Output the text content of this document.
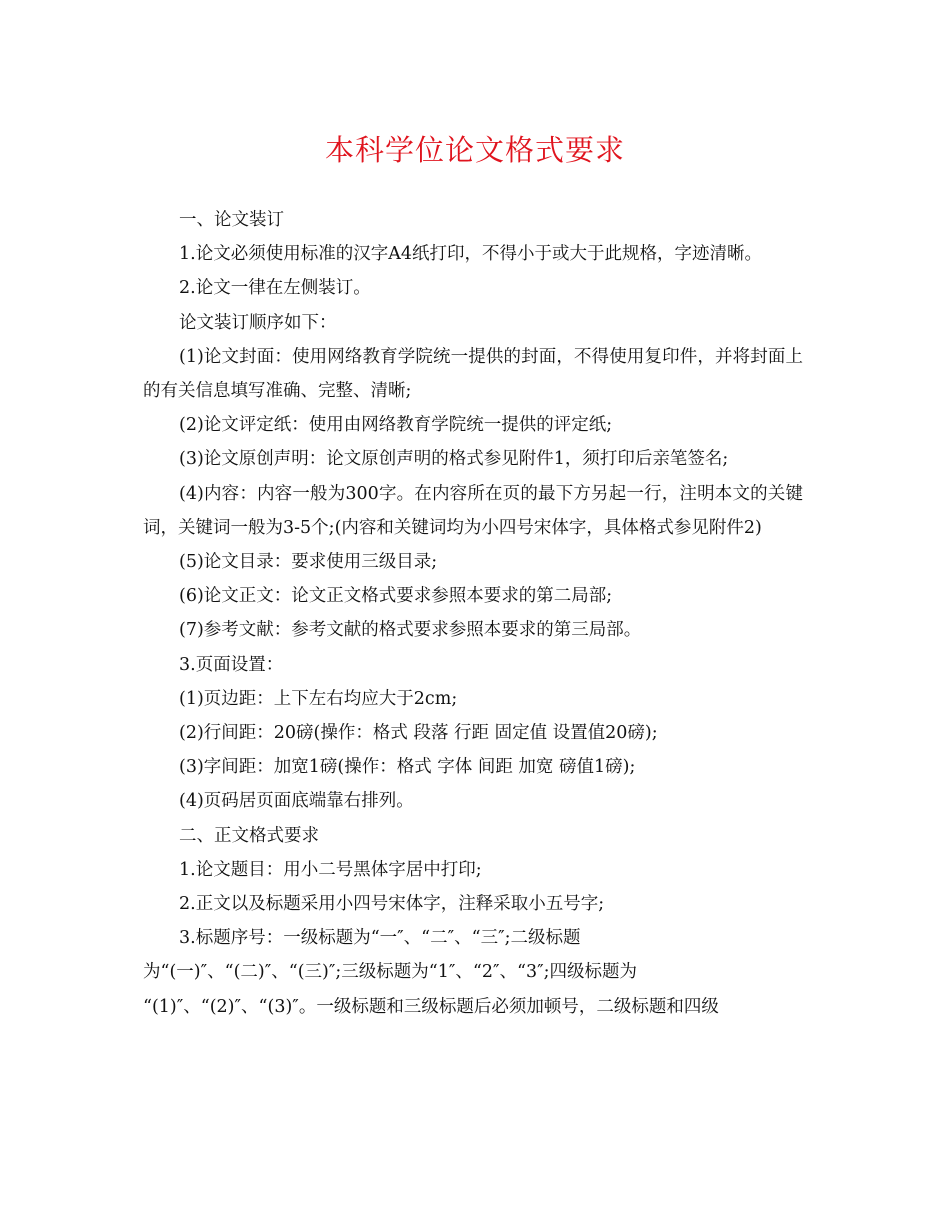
本科学位论文格式要求

一、论文装订

1.论文必须使用标准的汉字A4纸打印，不得小于或大于此规格，字迹清晰。

2.论文一律在左侧装订。

论文装订顺序如下：

(1)论文封面：使用网络教育学院统一提供的封面，不得使用复印件，并将封面上的有关信息填写准确、完整、清晰;

(2)论文评定纸：使用由网络教育学院统一提供的评定纸;

(3)论文原创声明：论文原创声明的格式参见附件1，须打印后亲笔签名;

(4)内容：内容一般为300字。在内容所在页的最下方另起一行，注明本文的关键词，关键词一般为3-5个;(内容和关键词均为小四号宋体字，具体格式参见附件2)

(5)论文目录：要求使用三级目录;

(6)论文正文：论文正文格式要求参照本要求的第二局部;

(7)参考文献：参考文献的格式要求参照本要求的第三局部。

3.页面设置：

(1)页边距：上下左右均应大于2cm;

(2)行间距：20磅(操作：格式 段落 行距 固定值 设置值20磅);

(3)字间距：加宽1磅(操作：格式 字体 间距 加宽 磅值1磅);

(4)页码居页面底端靠右排列。

二、正文格式要求

1.论文题目：用小二号黑体字居中打印;

2.正文以及标题采用小四号宋体字，注释采取小五号字;

3.标题序号：一级标题为“一″、“二″、“三″;二级标题

为“(一)″、“(二)″、“(三)″;三级标题为“1″、“2″、“3″;四级标题为

“(1)″、“(2)″、“(3)″。一级标题和三级标题后必须加顿号，二级标题和四级
